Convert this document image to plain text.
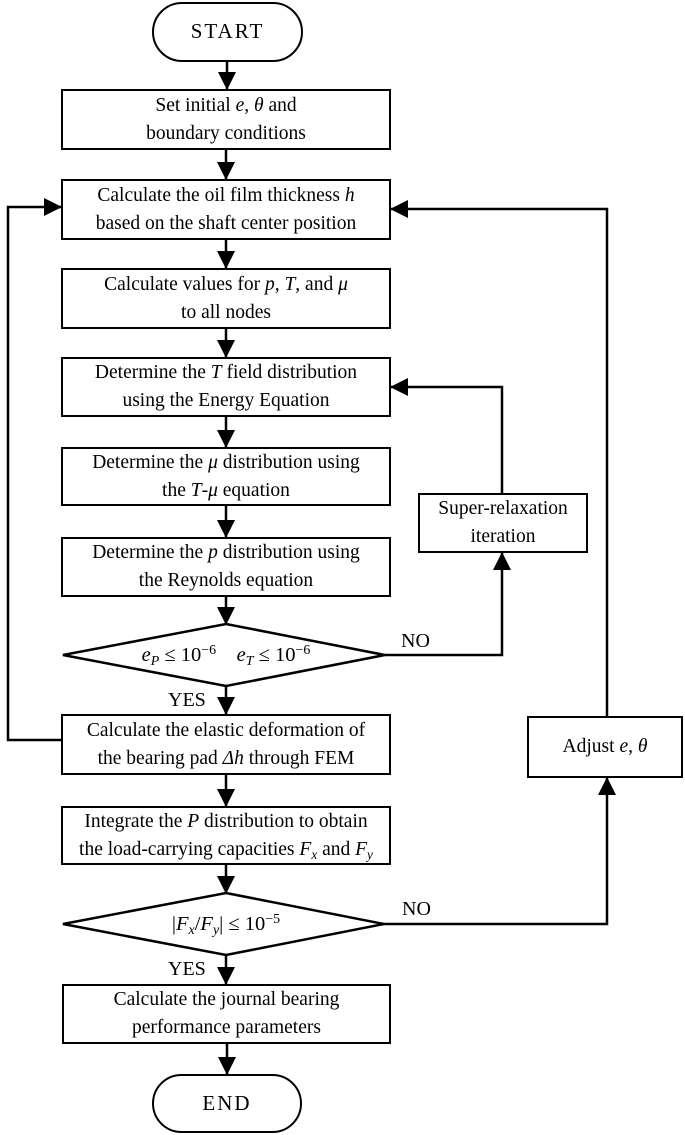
START
Set initial e, θ and
boundary conditions
Calculate the oil film thickness h
based on the shaft center position
Calculate values for p, T, and μ
to all nodes
Determine the T field distribution
using the Energy Equation
Determine the μ distribution using
the T-μ equation
Determine the p distribution using
the Reynolds equation
$e_P \le 10^{-6}$   $e_T \le 10^{-6}$
Super-relaxation
iteration
Calculate the elastic deformation of
the bearing pad Δh through FEM
Integrate the P distribution to obtain
the load-carrying capacities $F_x$ and $F_y$
$|F_x/F_y| \le 10^{-5}$
Adjust e, θ
Calculate the journal bearing
performance parameters
END
NO
YES
NO
YES
